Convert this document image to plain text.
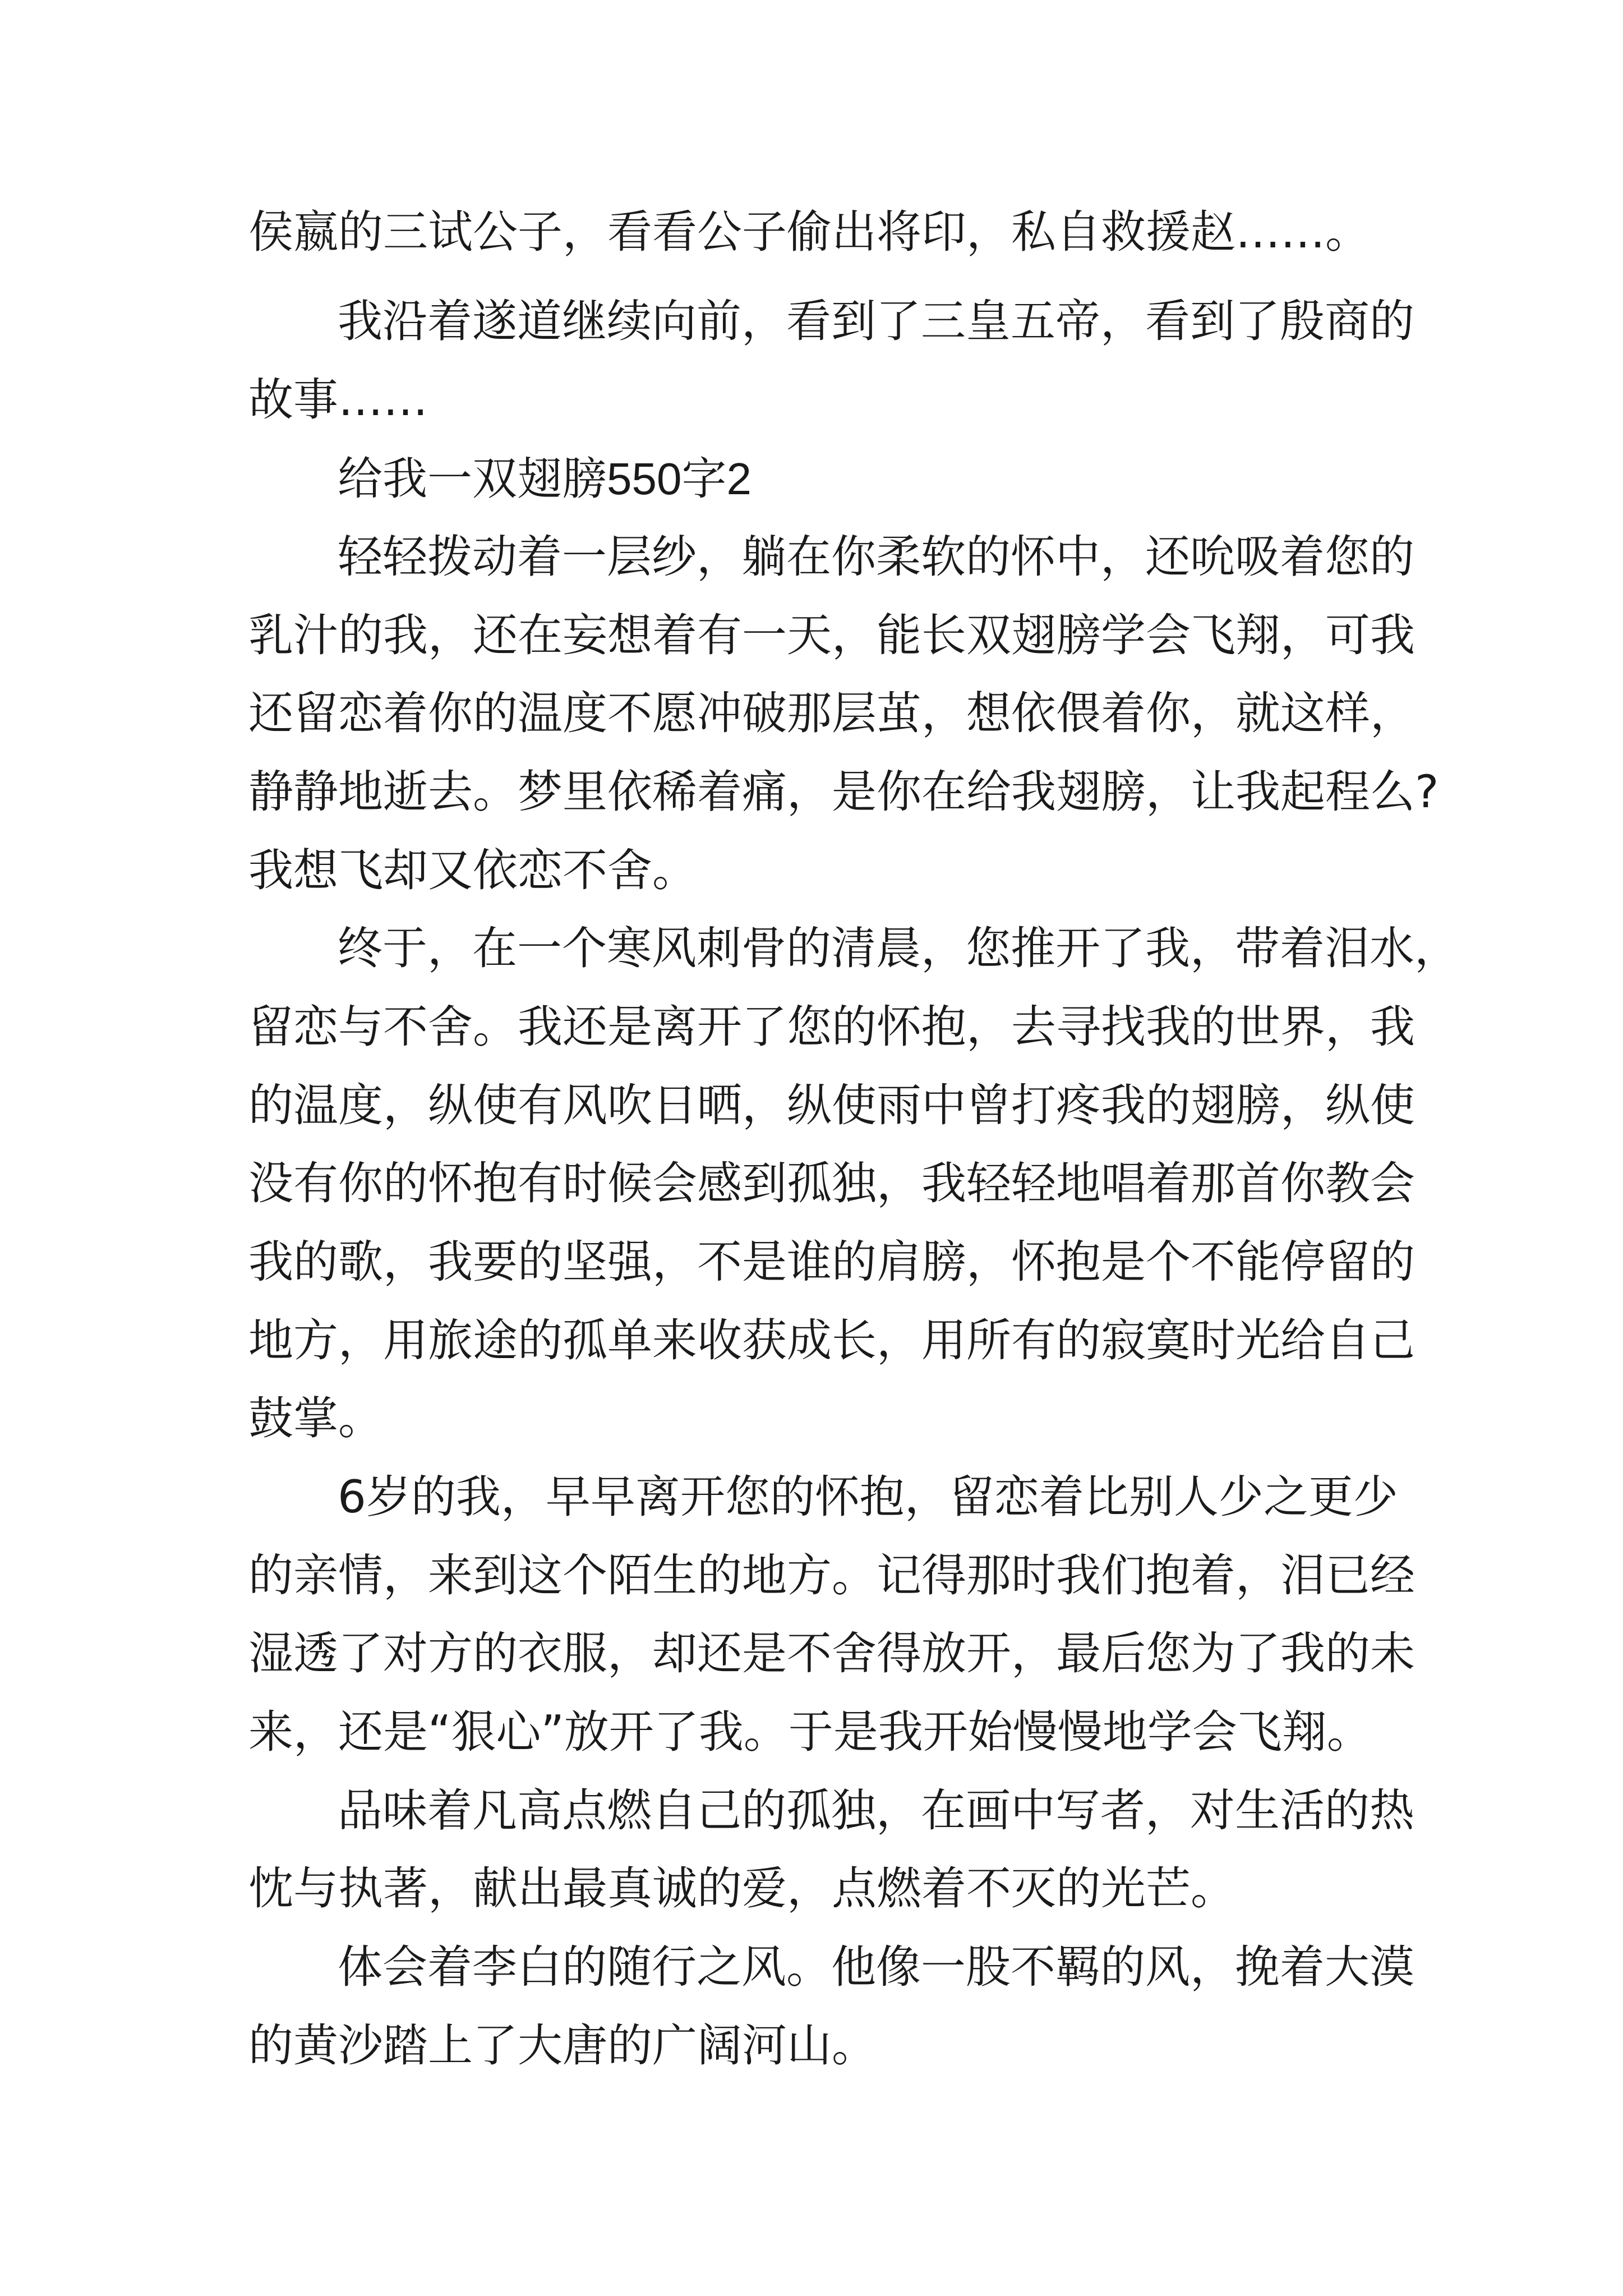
侯嬴的三试公子，看看公子偷出将印，私自救援赵……。
我沿着遂道继续向前，看到了三皇五帝，看到了殷商的
故事……
给我一双翅膀550字2
轻轻拨动着一层纱，躺在你柔软的怀中，还吮吸着您的
乳汁的我，还在妄想着有一天，能长双翅膀学会飞翔，可我
还留恋着你的温度不愿冲破那层茧，想依偎着你，就这样，
静静地逝去。梦里依稀着痛，是你在给我翅膀，让我起程么?
我想飞却又依恋不舍。
终于，在一个寒风刺骨的清晨，您推开了我，带着泪水，
留恋与不舍。我还是离开了您的怀抱，去寻找我的世界，我
的温度，纵使有风吹日晒，纵使雨中曾打疼我的翅膀，纵使
没有你的怀抱有时候会感到孤独，我轻轻地唱着那首你教会
我的歌，我要的坚强，不是谁的肩膀，怀抱是个不能停留的
地方，用旅途的孤单来收获成长，用所有的寂寞时光给自己
鼓掌。
6岁的我，早早离开您的怀抱，留恋着比别人少之更少
的亲情，来到这个陌生的地方。记得那时我们抱着，泪已经
湿透了对方的衣服，却还是不舍得放开，最后您为了我的未
来，还是“狠心”放开了我。于是我开始慢慢地学会飞翔。
品味着凡高点燃自己的孤独，在画中写者，对生活的热
忱与执著，献出最真诚的爱，点燃着不灭的光芒。
体会着李白的随行之风。他像一股不羁的风，挽着大漠
的黄沙踏上了大唐的广阔河山。
